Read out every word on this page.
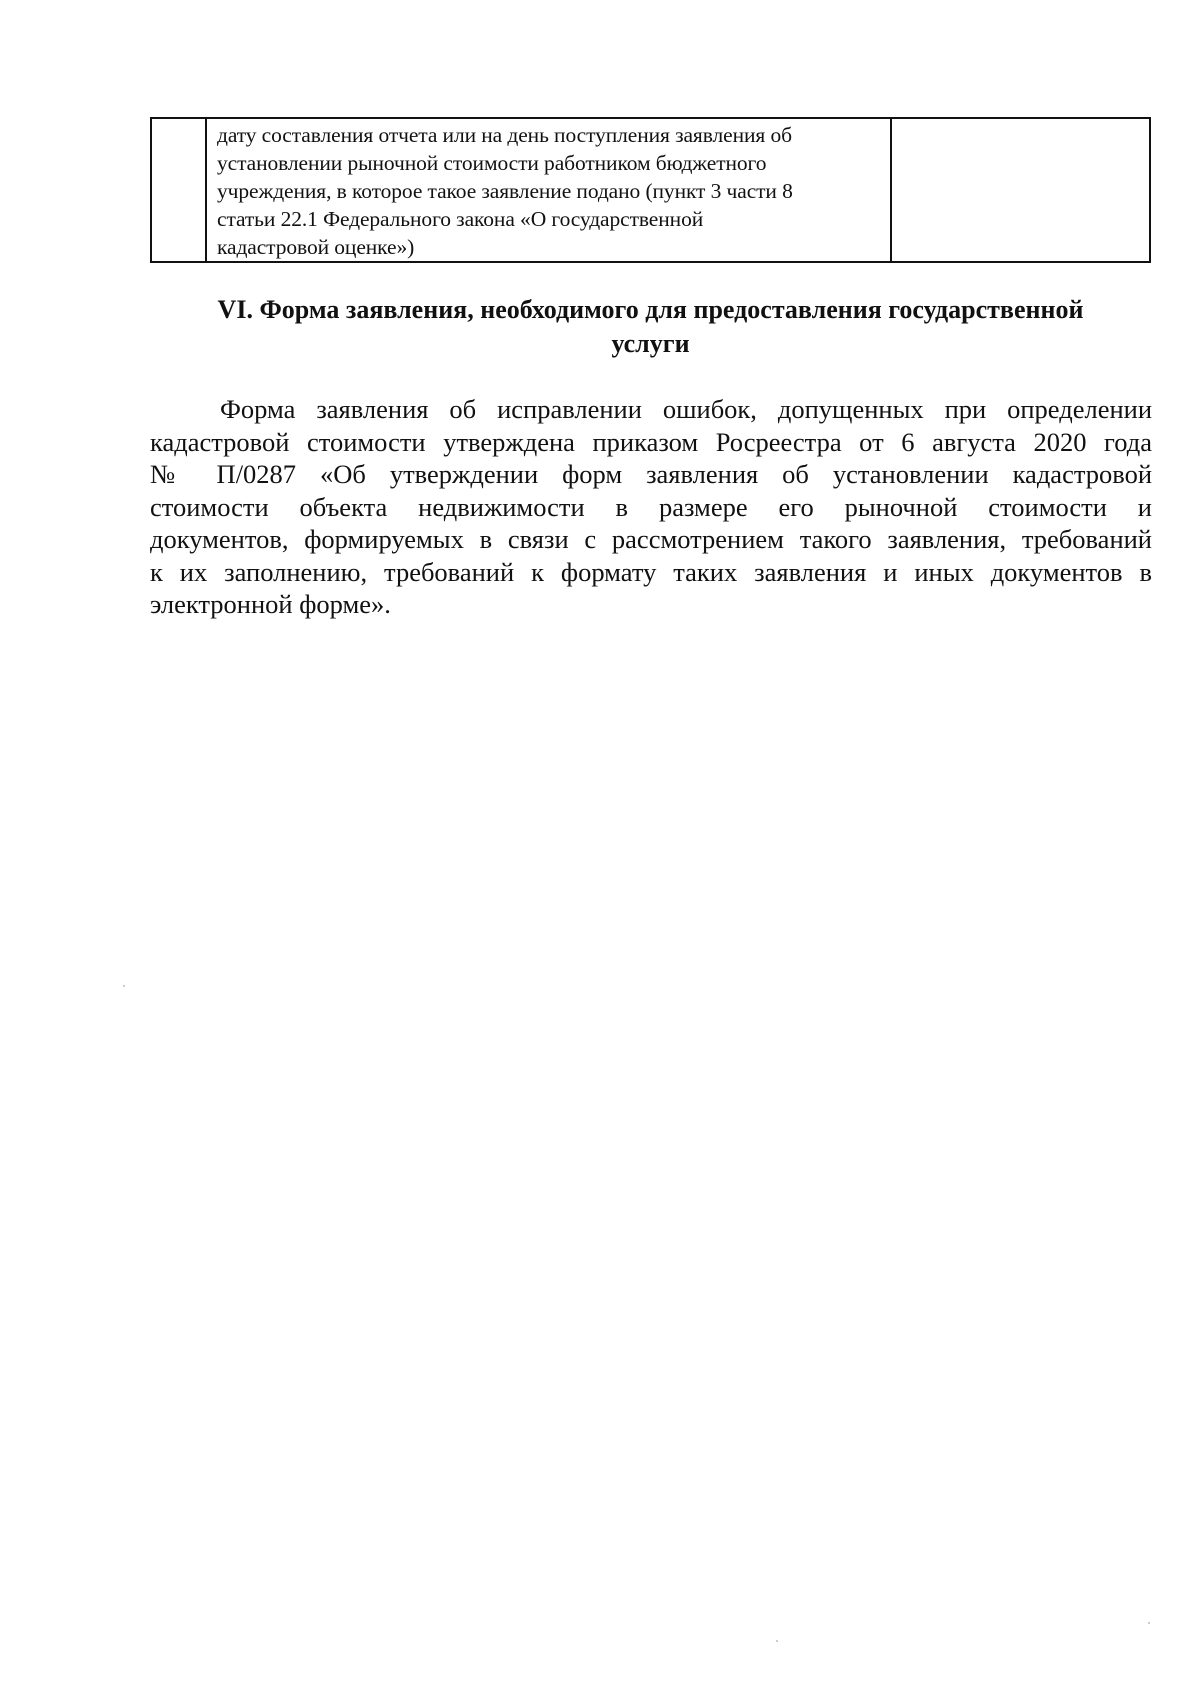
дату составления отчета или на день поступления заявления об
установлении рыночной стоимости работником бюджетного
учреждения, в которое такое заявление подано (пункт 3 части 8
статьи 22.1 Федерального закона «О государственной
кадастровой оценке»)

VI. Форма заявления, необходимого для предоставления государственной
услуги
Форма заявления об исправлении ошибок, допущенных при определении
кадастровой стоимости утверждена приказом Росреестра от 6 августа 2020 года
№ П/0287 «Об утверждении форм заявления об установлении кадастровой
стоимости объекта недвижимости в размере его рыночной стоимости и
документов, формируемых в связи с рассмотрением такого заявления, требований
к их заполнению, требований к формату таких заявления и иных документов в
электронной форме».
